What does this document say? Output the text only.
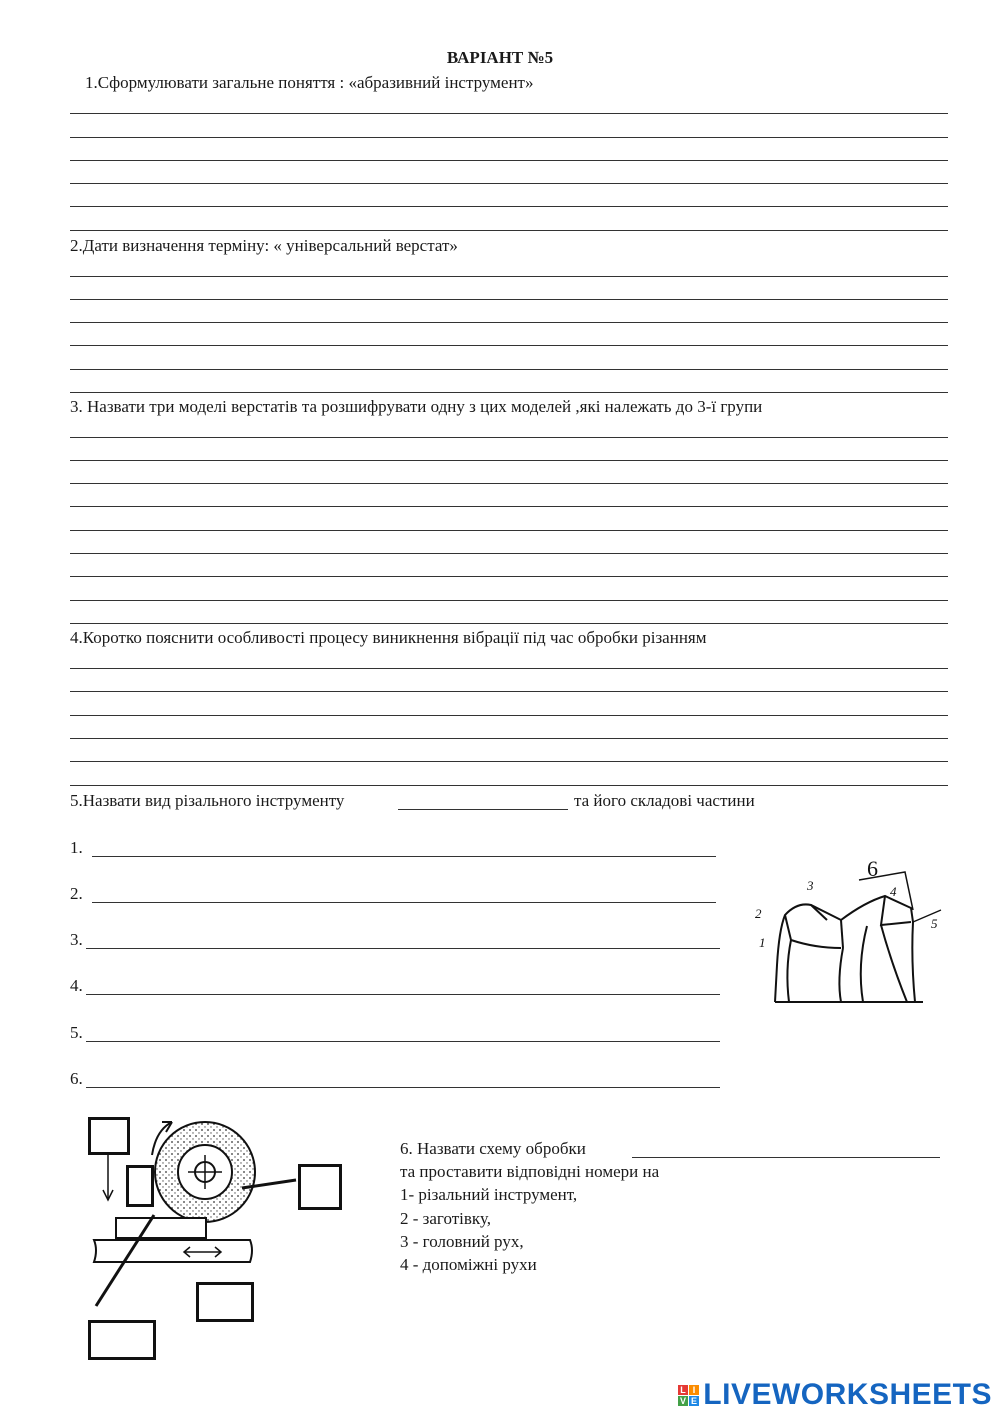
ВАРІАНТ №5
1.Сформулювати загальне поняття : «абразивний інструмент»
2.Дати визначення терміну: « універсальний верстат»
3. Назвати три моделі верстатів та розшифрувати одну з цих моделей ,які належать до 3-ї групи
4.Коротко пояснити особливості процесу виникнення вібрації під час обробки різанням
5.Назвати вид різального інструменту	та його складові частини
1.
2.
3.
4.
5.
6.
1
2
3	4
5
6
6. Назвати схему обробки
та проставити відповідні номери на
1- різальний інструмент,
2 - заготівку,
3 - головний рух,
4 - допоміжні рухи
L I
V E LIVEWORKSHEETS
